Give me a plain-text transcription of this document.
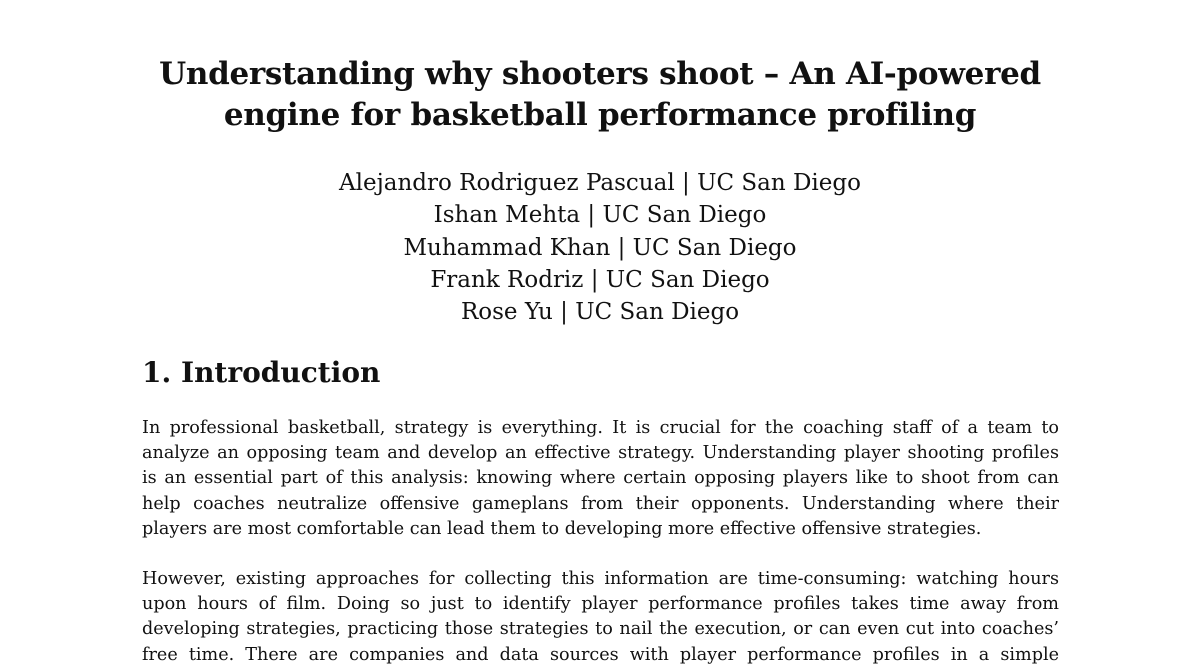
Understanding why shooters shoot – An AI-powered
engine for basketball performance profiling
Alejandro Rodriguez Pascual | UC San Diego
Ishan Mehta | UC San Diego
Muhammad Khan | UC San Diego
Frank Rodriz | UC San Diego
Rose Yu | UC San Diego
1. Introduction

In professional basketball, strategy is everything. It is crucial for the coaching staff of a team to
analyze an opposing team and develop an effective strategy. Understanding player shooting profiles
is an essential part of this analysis: knowing where certain opposing players like to shoot from can
help coaches neutralize offensive gameplans from their opponents. Understanding where their
players are most comfortable can lead them to developing more effective offensive strategies.

However, existing approaches for collecting this information are time-consuming: watching hours
upon hours of film. Doing so just to identify player performance profiles takes time away from
developing strategies, practicing those strategies to nail the execution, or can even cut into coaches’
free time. There are companies and data sources with player performance profiles in a simple
